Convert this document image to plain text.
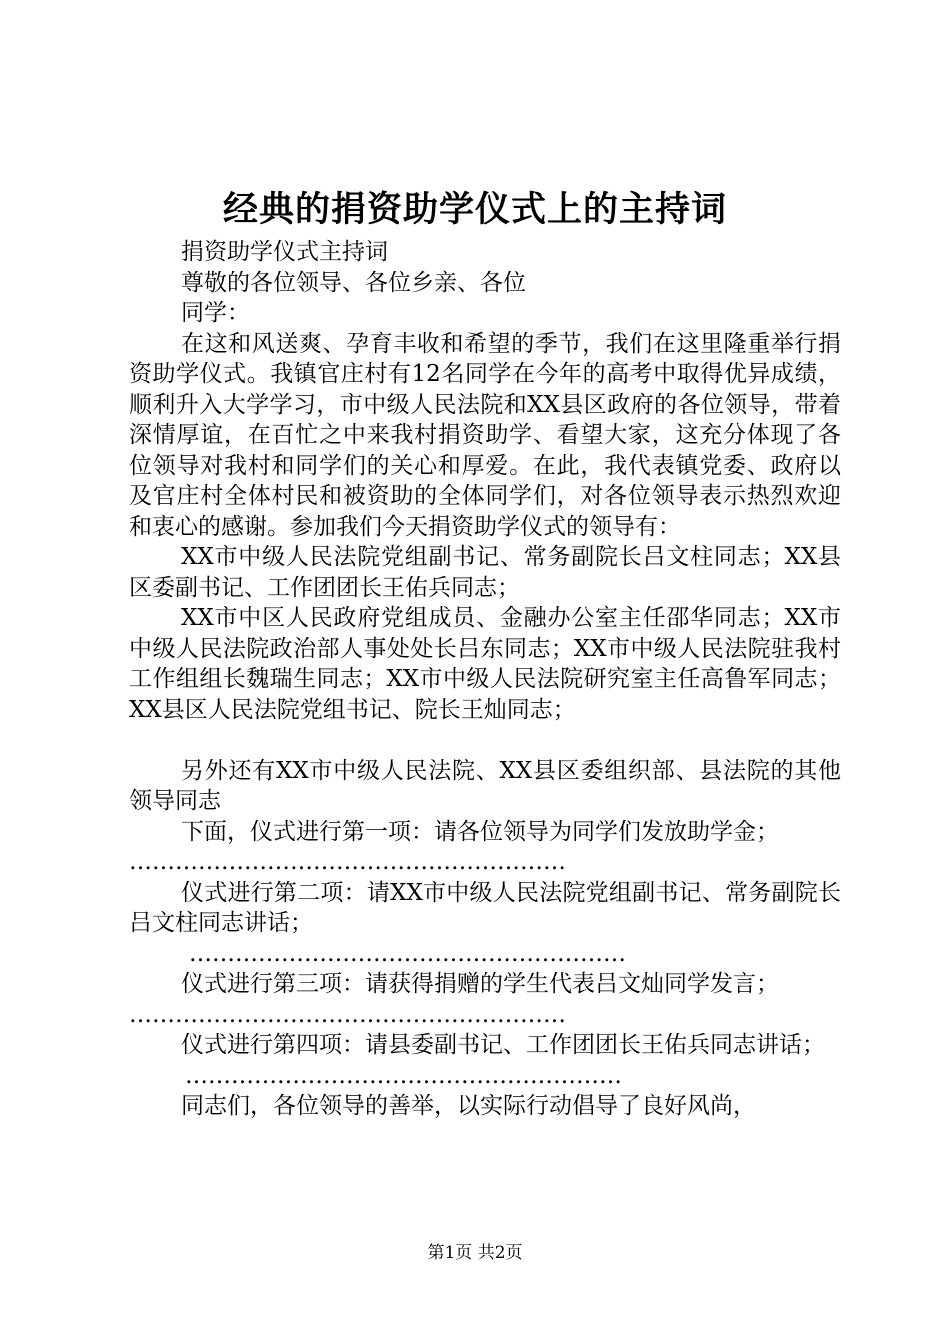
经典的捐资助学仪式上的主持词

捐资助学仪式主持词

尊敬的各位领导、各位乡亲、各位

同学：

在这和风送爽、孕育丰收和希望的季节，我们在这里隆重举行捐资助学仪式。我镇官庄村有12名同学在今年的高考中取得优异成绩，顺利升入大学学习，市中级人民法院和XX县区政府的各位领导，带着深情厚谊，在百忙之中来我村捐资助学、看望大家，这充分体现了各位领导对我村和同学们的关心和厚爱。在此，我代表镇党委、政府以及官庄村全体村民和被资助的全体同学们，对各位领导表示热烈欢迎和衷心的感谢。参加我们今天捐资助学仪式的领导有：

XX市中级人民法院党组副书记、常务副院长吕文柱同志；XX县区委副书记、工作团团长王佑兵同志；

XX市中区人民政府党组成员、金融办公室主任邵华同志；XX市中级人民法院政治部人事处处长吕东同志；XX市中级人民法院驻我村工作组组长魏瑞生同志；XX市中级人民法院研究室主任高鲁军同志；XX县区人民法院党组书记、院长王灿同志；

另外还有XX市中级人民法院、XX县区委组织部、县法院的其他领导同志

下面，仪式进行第一项：请各位领导为同学们发放助学金；

…………………………………………………

仪式进行第二项：请XX市中级人民法院党组副书记、常务副院长吕文柱同志讲话；

…………………………………………………

仪式进行第三项：请获得捐赠的学生代表吕文灿同学发言；

…………………………………………………

仪式进行第四项：请县委副书记、工作团团长王佑兵同志讲话；

…………………………………………………

同志们，各位领导的善举，以实际行动倡导了良好风尚，

第1页 共2页
